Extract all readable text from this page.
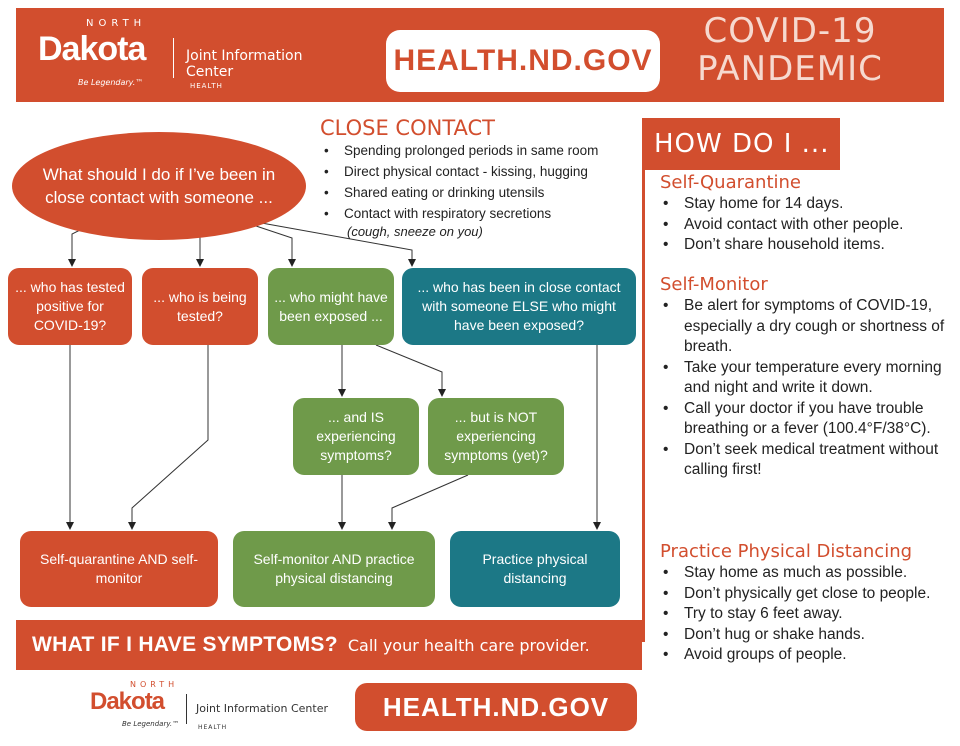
NORTH
Dakota
Be Legendary.™
Joint Information Center
HEALTH
HEALTH.ND.GOV
COVID-19
PANDEMIC
CLOSE CONTACT
• Spending prolonged periods in same room
• Direct physical contact - kissing, hugging
• Shared eating or drinking utensils
• Contact with respiratory secretions
(cough, sneeze on you)
What should I do if I’ve been in close contact with someone ...
... who has tested positive for COVID-19?
... who is being tested?
... who might have been exposed ...
... who has been in close contact with someone ELSE who might have been exposed?
... and IS experiencing symptoms?
... but is NOT experiencing symptoms (yet)?
Self-quarantine AND self-monitor
Self-monitor AND practice physical distancing
Practice physical distancing
HOW DO I ...
Self-Quarantine
• Stay home for 14 days.
• Avoid contact with other people.
• Don’t share household items.
Self-Monitor
• Be alert for symptoms of COVID-19, especially a dry cough or shortness of breath.
• Take your temperature every morning and night and write it down.
• Call your doctor if you have trouble breathing or a fever (100.4°F/38°C).
• Don’t seek medical treatment without calling first!
Practice Physical Distancing
• Stay home as much as possible.
• Don’t physically get close to people.
• Try to stay 6 feet away.
• Don’t hug or shake hands.
• Avoid groups of people.
WHAT IF I HAVE SYMPTOMS? Call your health care provider.
NORTH
Dakota
Be Legendary.™
Joint Information Center
HEALTH
HEALTH.ND.GOV
